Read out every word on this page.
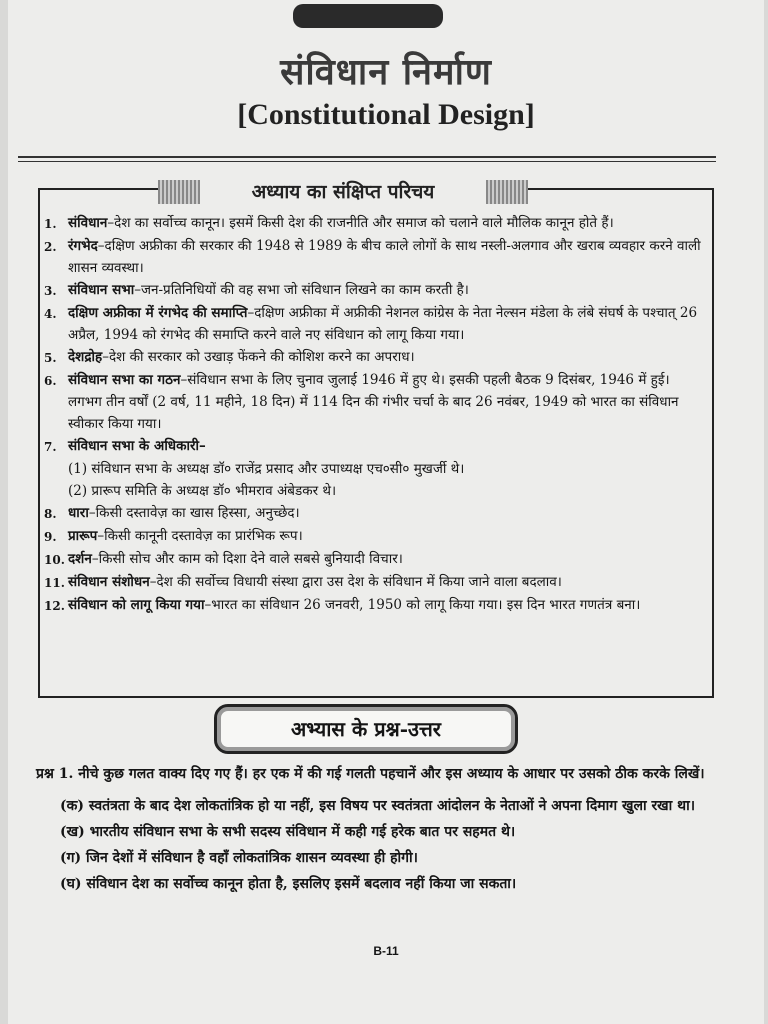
संविधान निर्माण
[Constitutional Design]
अध्याय का संक्षिप्त परिचय
1. संविधान–देश का सर्वोच्च कानून। इसमें किसी देश की राजनीति और समाज को चलाने वाले मौलिक कानून होते हैं।
2. रंगभेद–दक्षिण अफ्रीका की सरकार की 1948 से 1989 के बीच काले लोगों के साथ नस्ली-अलगाव और खराब व्यवहार करने वाली शासन व्यवस्था।
3. संविधान सभा–जन-प्रतिनिधियों की वह सभा जो संविधान लिखने का काम करती है।
4. दक्षिण अफ्रीका में रंगभेद की समाप्ति–दक्षिण अफ्रीका में अफ्रीकी नेशनल कांग्रेस के नेता नेल्सन मंडेला के लंबे संघर्ष के पश्चात् 26 अप्रैल, 1994 को रंगभेद की समाप्ति करने वाले नए संविधान को लागू किया गया।
5. देशद्रोह–देश की सरकार को उखाड़ फेंकने की कोशिश करने का अपराध।
6. संविधान सभा का गठन–संविधान सभा के लिए चुनाव जुलाई 1946 में हुए थे। इसकी पहली बैठक 9 दिसंबर, 1946 में हुई। लगभग तीन वर्षों (2 वर्ष, 11 महीने, 18 दिन) में 114 दिन की गंभीर चर्चा के बाद 26 नवंबर, 1949 को भारत का संविधान स्वीकार किया गया।
7. संविधान सभा के अधिकारी–
(1) संविधान सभा के अध्यक्ष डॉ० राजेंद्र प्रसाद और उपाध्यक्ष एच०सी० मुखर्जी थे।
(2) प्रारूप समिति के अध्यक्ष डॉ० भीमराव अंबेडकर थे।
8. धारा–किसी दस्तावेज़ का खास हिस्सा, अनुच्छेद।
9. प्रारूप–किसी कानूनी दस्तावेज़ का प्रारंभिक रूप।
10. दर्शन–किसी सोच और काम को दिशा देने वाले सबसे बुनियादी विचार।
11. संविधान संशोधन–देश की सर्वोच्च विधायी संस्था द्वारा उस देश के संविधान में किया जाने वाला बदलाव।
12. संविधान को लागू किया गया–भारत का संविधान 26 जनवरी, 1950 को लागू किया गया। इस दिन भारत गणतंत्र बना।
अभ्यास के प्रश्न-उत्तर

प्रश्न 1. नीचे कुछ गलत वाक्य दिए गए हैं। हर एक में की गई गलती पहचानें और इस अध्याय के आधार पर उसको ठीक करके लिखें।

(क) स्वतंत्रता के बाद देश लोकतांत्रिक हो या नहीं, इस विषय पर स्वतंत्रता आंदोलन के नेताओं ने अपना दिमाग खुला रखा था।

(ख) भारतीय संविधान सभा के सभी सदस्य संविधान में कही गई हरेक बात पर सहमत थे।

(ग) जिन देशों में संविधान है वहाँ लोकतांत्रिक शासन व्यवस्था ही होगी।

(घ) संविधान देश का सर्वोच्च कानून होता है, इसलिए इसमें बदलाव नहीं किया जा सकता।

B-11
